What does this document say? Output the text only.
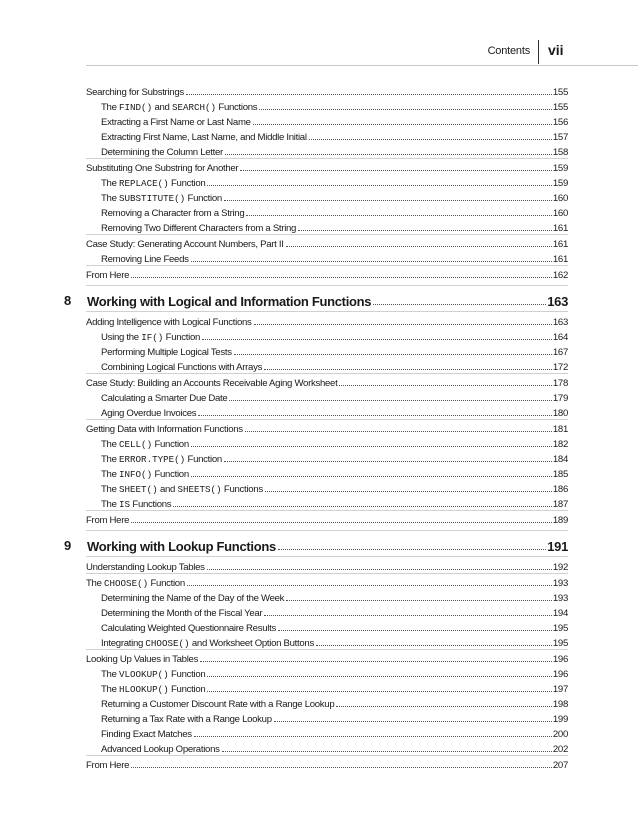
Contents vii
Searching for Substrings	155
The FIND() and SEARCH() Functions	155
Extracting a First Name or Last Name	156
Extracting First Name, Last Name, and Middle Initial	157
Determining the Column Letter	158
Substituting One Substring for Another	159
The REPLACE() Function	159
The SUBSTITUTE() Function	160
Removing a Character from a String	160
Removing Two Different Characters from a String	161
Case Study: Generating Account Numbers, Part II	161
Removing Line Feeds	161
From Here	162
8 Working with Logical and Information Functions	163
Adding Intelligence with Logical Functions	163
Using the IF() Function	164
Performing Multiple Logical Tests	167
Combining Logical Functions with Arrays	172
Case Study: Building an Accounts Receivable Aging Worksheet	178
Calculating a Smarter Due Date	179
Aging Overdue Invoices	180
Getting Data with Information Functions	181
The CELL() Function	182
The ERROR.TYPE() Function	184
The INFO() Function	185
The SHEET() and SHEETS() Functions	186
The IS Functions	187
From Here	189
9 Working with Lookup Functions	191
Understanding Lookup Tables	192
The CHOOSE() Function	193
Determining the Name of the Day of the Week	193
Determining the Month of the Fiscal Year	194
Calculating Weighted Questionnaire Results	195
Integrating CHOOSE() and Worksheet Option Buttons	195
Looking Up Values in Tables	196
The VLOOKUP() Function	196
The HLOOKUP() Function	197
Returning a Customer Discount Rate with a Range Lookup	198
Returning a Tax Rate with a Range Lookup	199
Finding Exact Matches	200
Advanced Lookup Operations	202
From Here	207
